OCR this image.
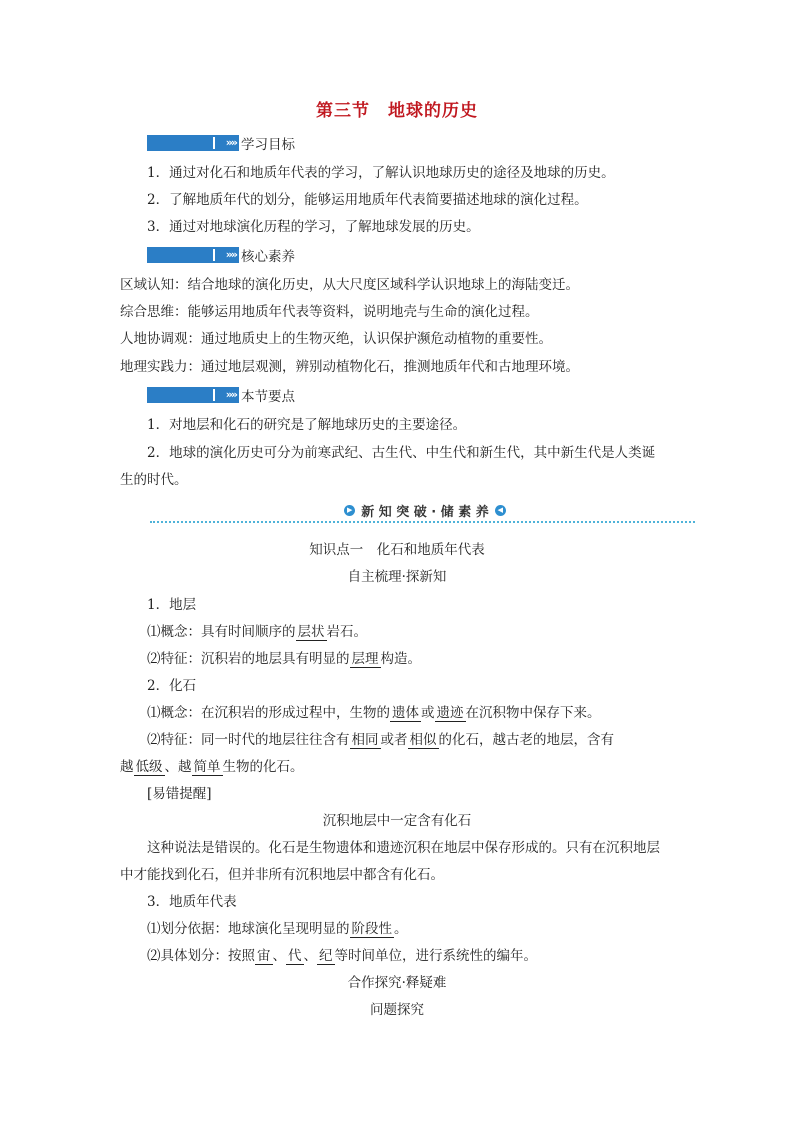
第三节　地球的历史
»» 学习目标
1．通过对化石和地质年代表的学习，了解认识地球历史的途径及地球的历史。
2．了解地质年代的划分，能够运用地质年代表简要描述地球的演化过程。
3．通过对地球演化历程的学习，了解地球发展的历史。
»» 核心素养
区域认知：结合地球的演化历史，从大尺度区域科学认识地球上的海陆变迁。
综合思维：能够运用地质年代表等资料，说明地壳与生命的演化过程。
人地协调观：通过地质史上的生物灭绝，认识保护濒危动植物的重要性。
地理实践力：通过地层观测，辨别动植物化石，推测地质年代和古地理环境。
»» 本节要点
1．对地层和化石的研究是了解地球历史的主要途径。
2．地球的演化历史可分为前寒武纪、古生代、中生代和新生代，其中新生代是人类诞
生的时代。
▶ 新 知 突 破 · 储 素 养	◀
知识点一　化石和地质年代表
自主梳理·探新知
1．地层
⑴概念：具有时间顺序的 层状 岩石。
⑵特征：沉积岩的地层具有明显的 层理 构造。
2．化石
⑴概念：在沉积岩的形成过程中，生物的 遗体 或 遗迹 在沉积物中保存下来。
⑵特征：同一时代的地层往往含有 相同 或者 相似 的化石，越古老的地层，含有
越 低级 、越 简单 生物的化石。
[易错提醒]
沉积地层中一定含有化石
这种说法是错误的。化石是生物遗体和遗迹沉积在地层中保存形成的。只有在沉积地层
中才能找到化石，但并非所有沉积地层中都含有化石。
3．地质年代表
⑴划分依据：地球演化呈现明显的 阶段性 。
⑵具体划分：按照 宙 、 代 、 纪 等时间单位，进行系统性的编年。
合作探究·释疑难
问题探究
